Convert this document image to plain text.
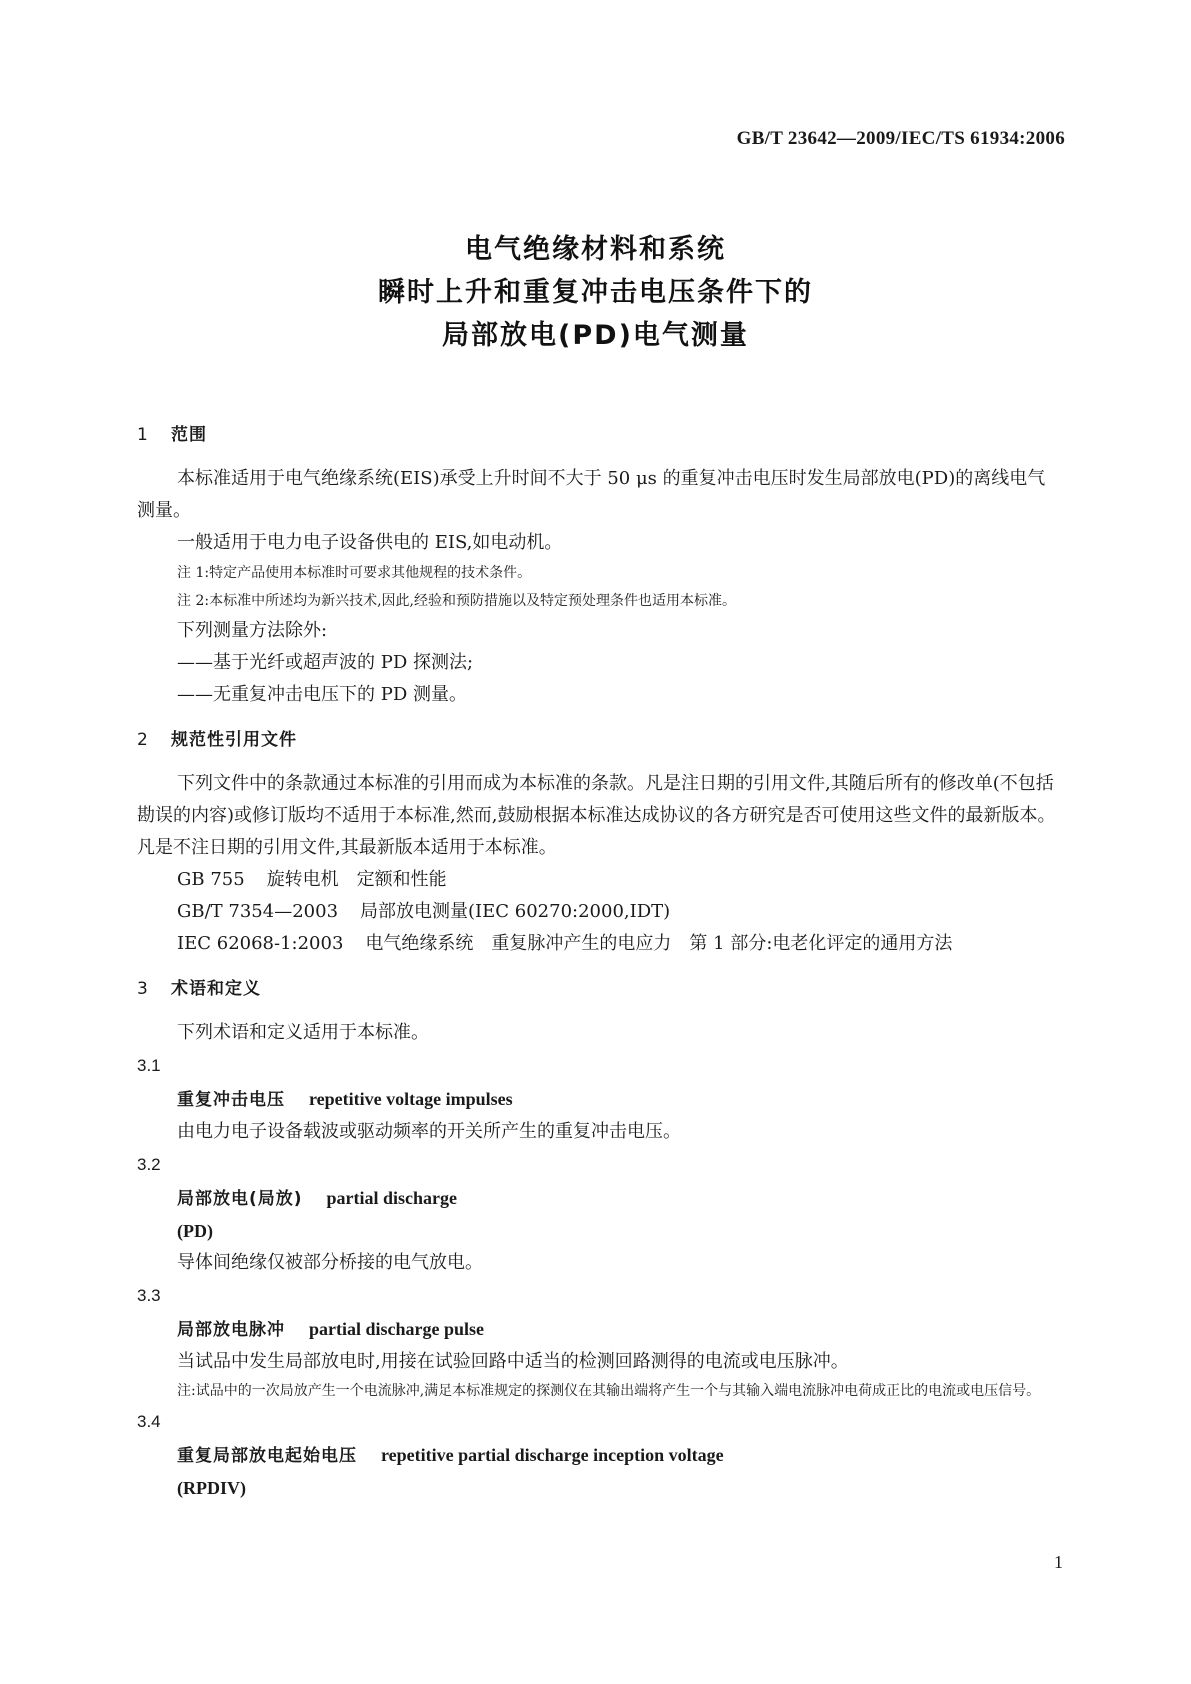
GB/T 23642—2009/IEC/TS 61934:2006
电气绝缘材料和系统
瞬时上升和重复冲击电压条件下的
局部放电(PD)电气测量
1 范围

本标准适用于电气绝缘系统(EIS)承受上升时间不大于 50 μs 的重复冲击电压时发生局部放电(PD)的离线电气测量。

一般适用于电力电子设备供电的 EIS,如电动机。

注 1:特定产品使用本标准时可要求其他规程的技术条件。

注 2:本标准中所述均为新兴技术,因此,经验和预防措施以及特定预处理条件也适用本标准。

下列测量方法除外:

——基于光纤或超声波的 PD 探测法;

——无重复冲击电压下的 PD 测量。

2 规范性引用文件

下列文件中的条款通过本标准的引用而成为本标准的条款。凡是注日期的引用文件,其随后所有的修改单(不包括勘误的内容)或修订版均不适用于本标准,然而,鼓励根据本标准达成协议的各方研究是否可使用这些文件的最新版本。凡是不注日期的引用文件,其最新版本适用于本标准。

GB 755 旋转电机　定额和性能

GB/T 7354—2003 局部放电测量(IEC 60270:2000,IDT)

IEC 62068-1:2003 电气绝缘系统　重复脉冲产生的电应力　第 1 部分:电老化评定的通用方法

3 术语和定义

下列术语和定义适用于本标准。

3.1

重复冲击电压 repetitive voltage impulses

由电力电子设备载波或驱动频率的开关所产生的重复冲击电压。

3.2

局部放电(局放) partial discharge

(PD)

导体间绝缘仅被部分桥接的电气放电。

3.3

局部放电脉冲 partial discharge pulse

当试品中发生局部放电时,用接在试验回路中适当的检测回路测得的电流或电压脉冲。

注:试品中的一次局放产生一个电流脉冲,满足本标准规定的探测仪在其输出端将产生一个与其输入端电流脉冲电荷成正比的电流或电压信号。

3.4

重复局部放电起始电压 repetitive partial discharge inception voltage

(RPDIV)

1
